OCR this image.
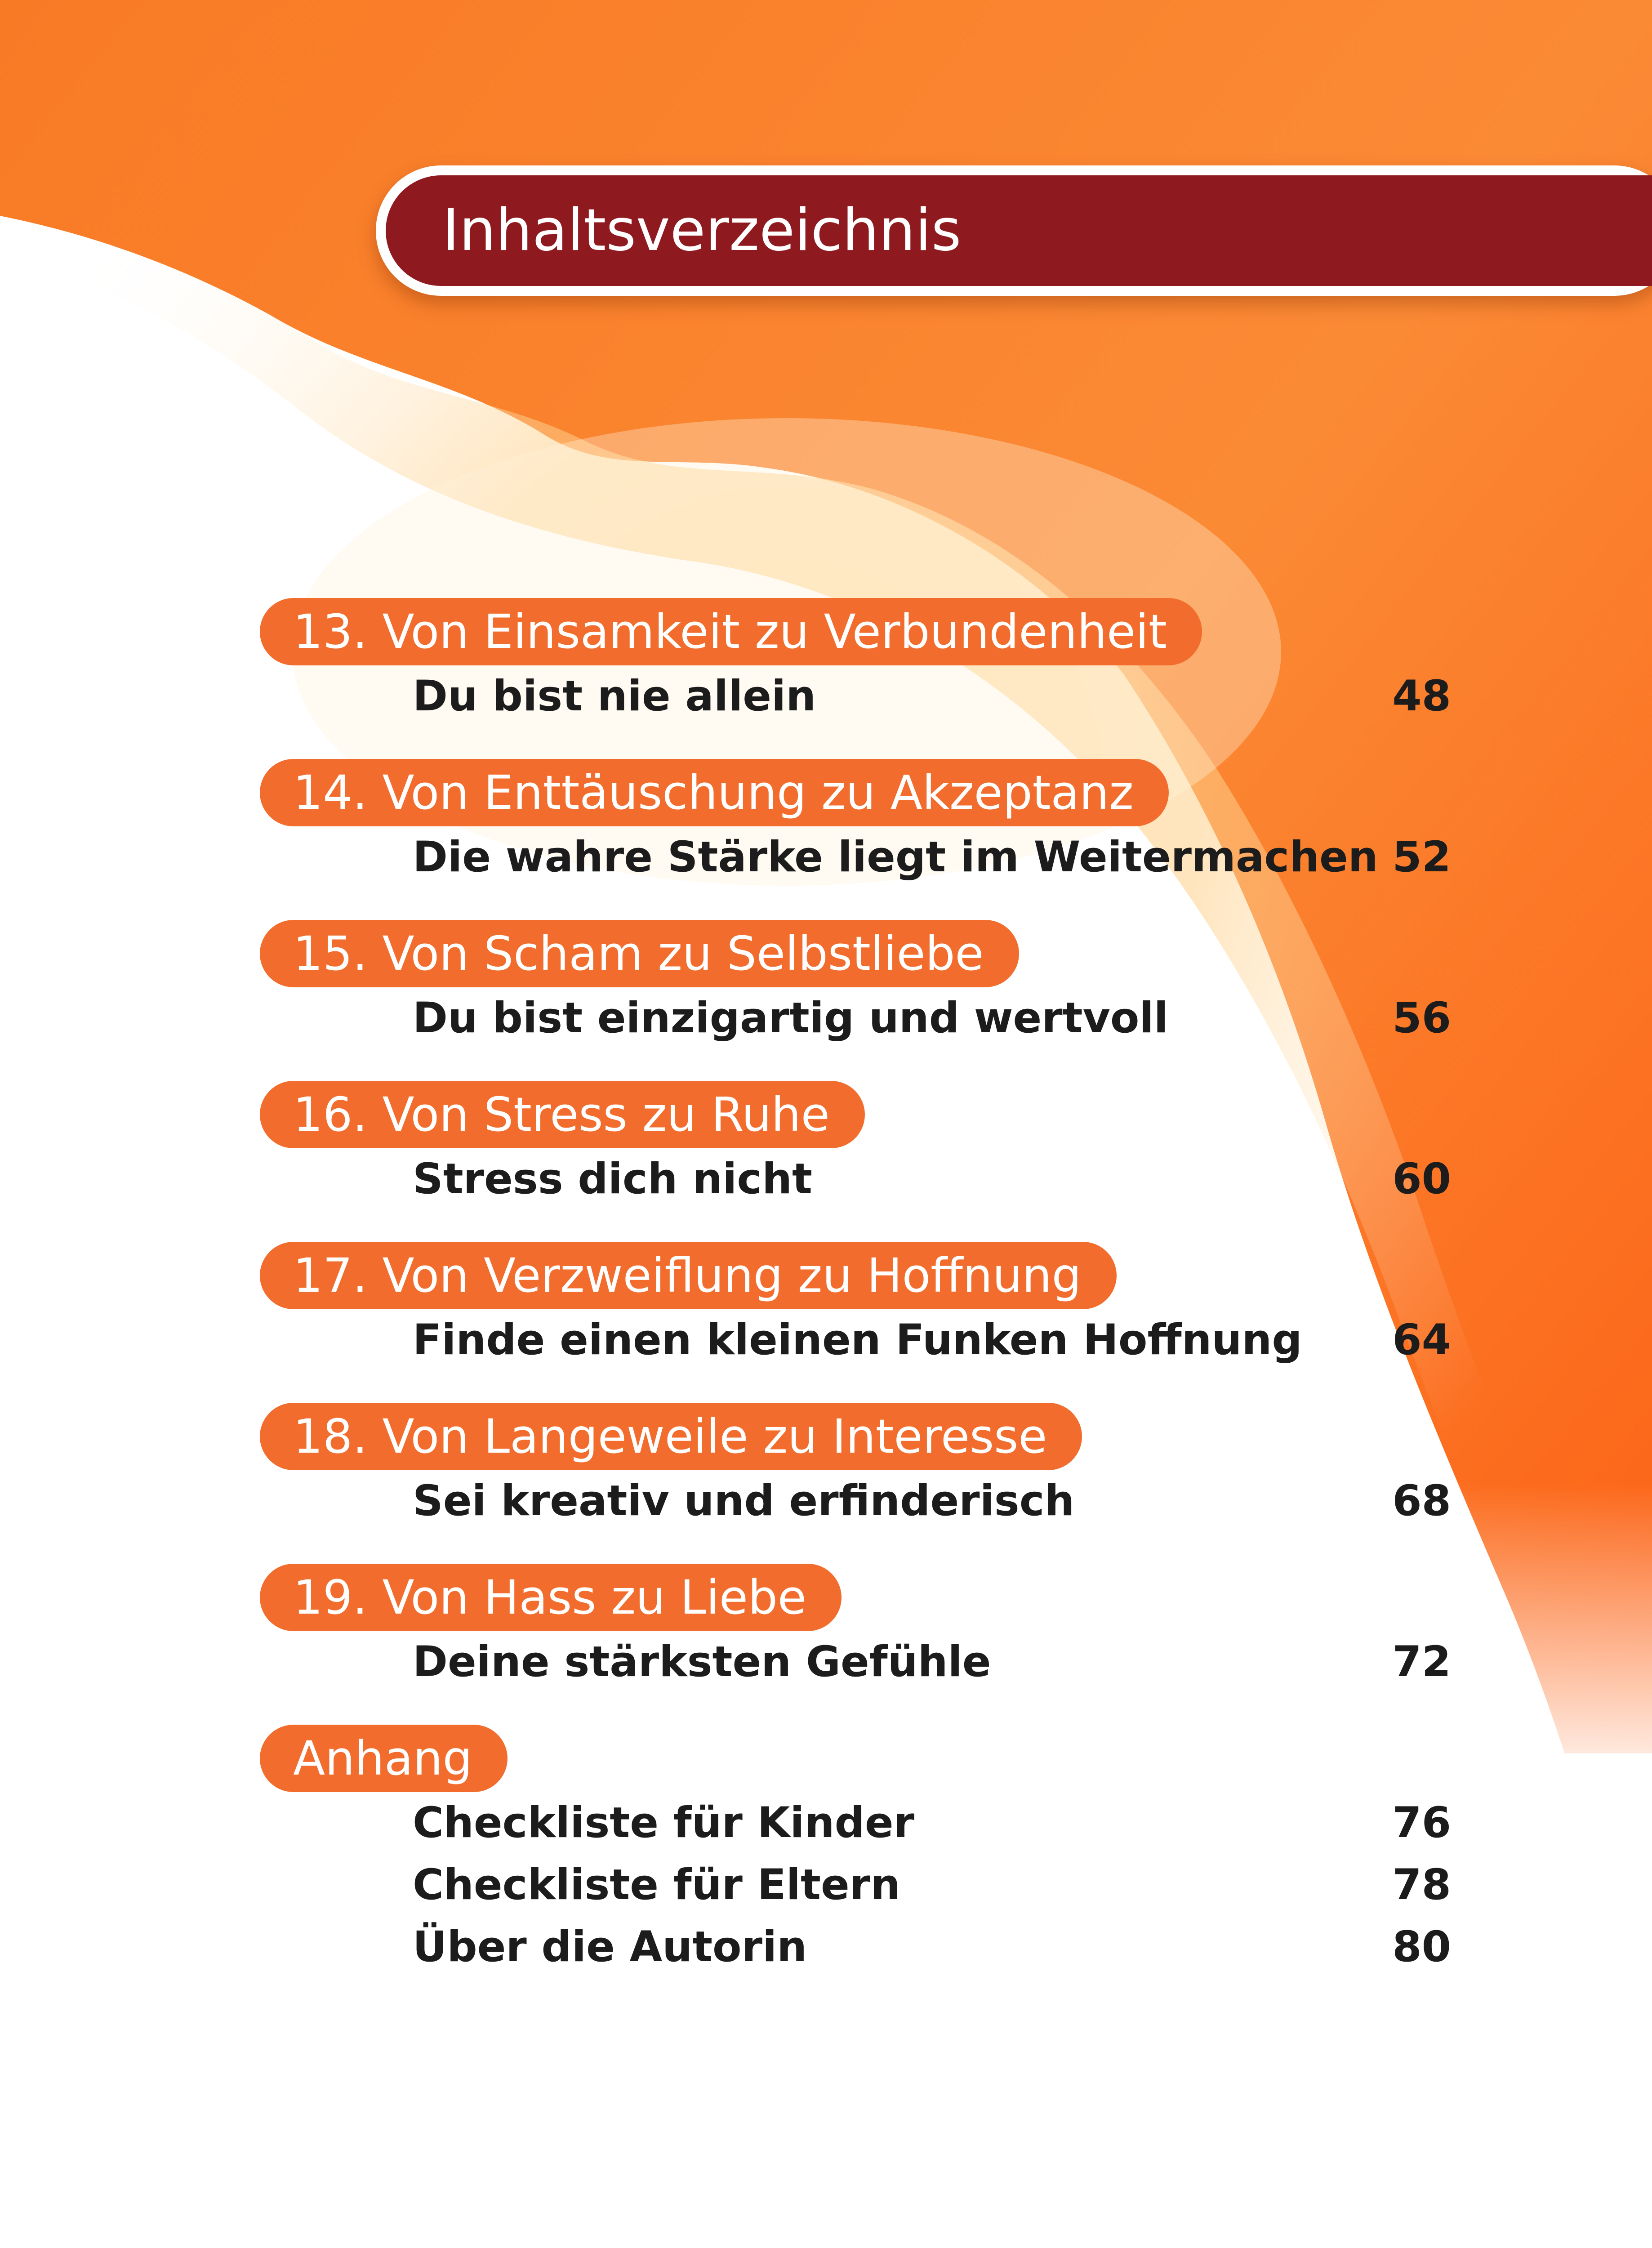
Inhaltsverzeichnis
13. Von Einsamkeit zu Verbundenheit
Du bist nie allein	48
14. Von Enttäuschung zu Akzeptanz
Die wahre Stärke liegt im Weitermachen 52
15. Von Scham zu Selbstliebe
Du bist einzigartig und wertvoll	56
16. Von Stress zu Ruhe
Stress dich nicht	60
17. Von Verzweiflung zu Hoffnung
Finde einen kleinen Funken Hoffnung 64
18. Von Langeweile zu Interesse
Sei kreativ und erfinderisch	68
19. Von Hass zu Liebe
Deine stärksten Gefühle	72
Anhang
Checkliste für Kinder	76
Checkliste für Eltern	78
Über die Autorin	80
